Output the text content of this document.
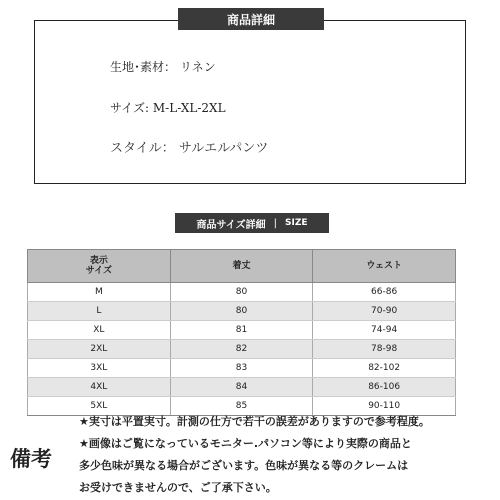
生地･素材： リネン
サイズ: M-L-XL-2XL
スタイル： サルエルパンツ
商品詳細
商品サイズ詳細 | SIZE
表示
サイズ	着丈	ウェスト
M	80	66-86
L	80	70-90
XL	81	74-94
2XL	82	78-98
3XL	83	82-102
4XL	84	86-106
5XL	85	90-110
備考
★実寸は平置実寸。計測の仕方で若干の誤差がありますので参考程度。
★画像はご覧になっているモニター.パソコン等により実際の商品と
多少色味が異なる場合がございます。色味が異なる等のクレームは
お受けできませんので、ご了承下さい。
